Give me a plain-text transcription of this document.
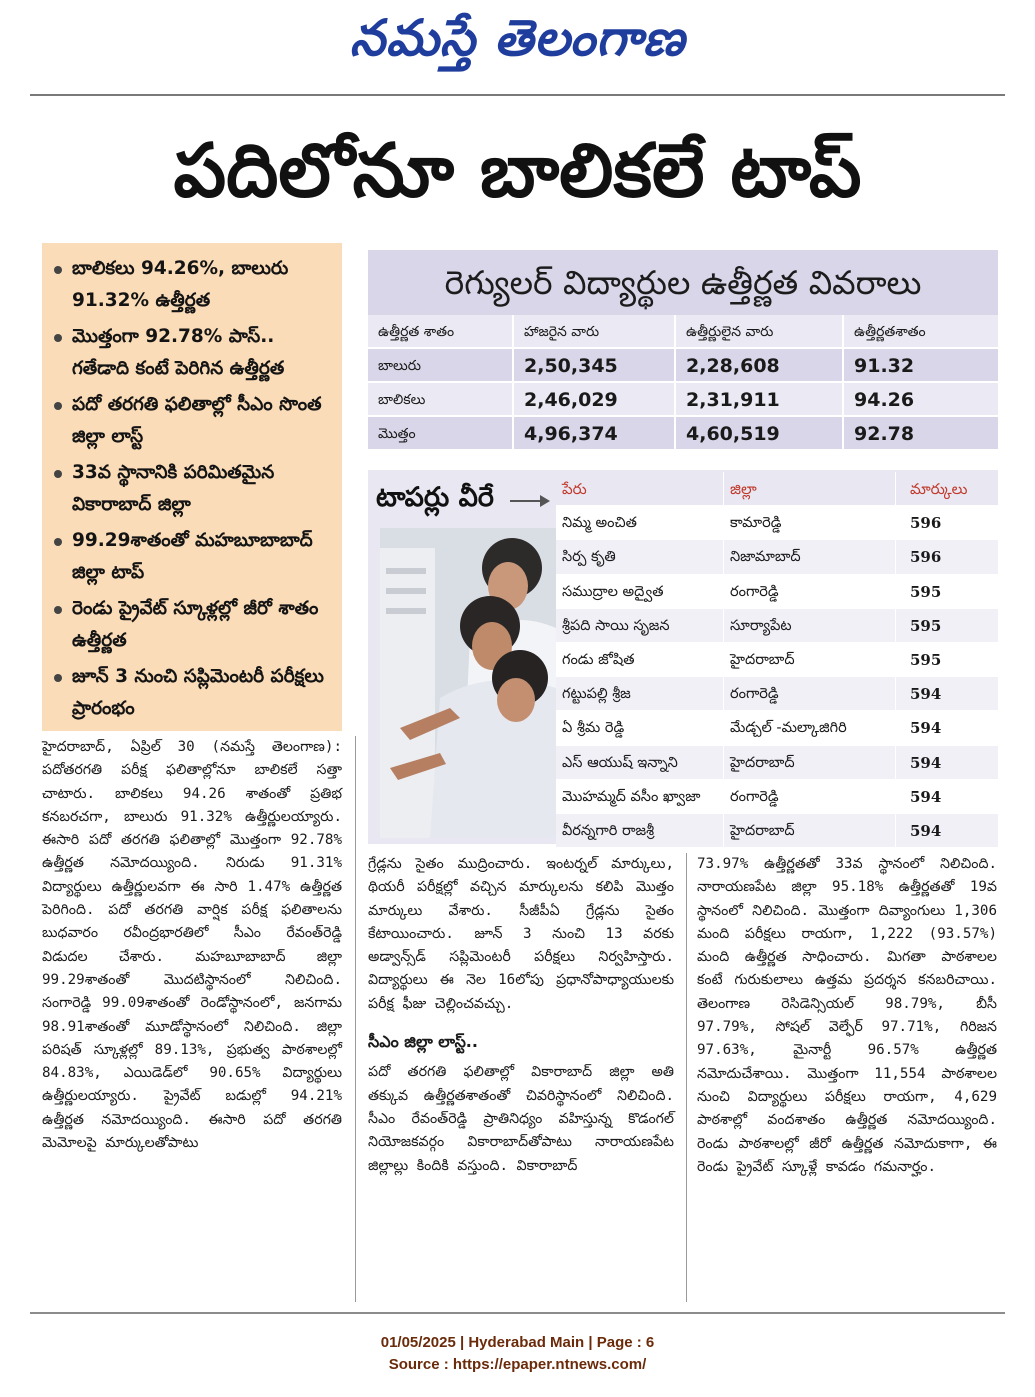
నమస్తే తెలంగాణ
పదిలోనూ బాలికలే టాప్
బాలికలు 94.26%, బాలురు 91.32% ఉత్తీర్ణత
మొత్తంగా 92.78% పాస్.. గతేడాది కంటే పెరిగిన ఉత్తీర్ణత
పదో తరగతి ఫలితాల్లో సీఎం సొంత జిల్లా లాస్ట్
33వ స్థానానికి పరిమితమైన వికారాబాద్ జిల్లా
99.29శాతంతో మహబూబాబాద్ జిల్లా టాప్
రెండు ప్రైవేట్ స్కూళ్లల్లో జీరో శాతం ఉత్తీర్ణత
జూన్ 3 నుంచి సప్లిమెంటరీ పరీక్షలు ప్రారంభం
రెగ్యులర్ విద్యార్థుల ఉత్తీర్ణత వివరాలు
ఉత్తీర్ణత శాతం	హాజరైన వారు	ఉత్తీర్ణులైన వారు	ఉత్తీర్ణతశాతం
బాలురు	2,50,345	2,28,608	91.32
బాలికలు	2,46,029	2,31,911	94.26
మొత్తం	4,96,374	4,60,519	92.78
టాపర్లు వీరే	పేరు	జిల్లా	మార్కులు
నిమ్మ అంచిత	కామారెడ్డి	596
సిర్ప కృతి	నిజామాబాద్	596
సముద్రాల అద్వైత	రంగారెడ్డి	595
శ్రీపది సాయి సృజన	సూర్యాపేట	595
గండు జోషిత	హైదరాబాద్	595
గట్టుపల్లి శ్రీజ	రంగారెడ్డి	594
ఏ శ్రీమ రెడ్డి	మేడ్చల్ -మల్కాజిగిరి	594
ఎస్ ఆయుష్ ఇన్నాని	హైదరాబాద్	594
మొహమ్మద్ వసీం ఖ్వాజా	రంగారెడ్డి	594
వీరన్నగారి రాజశ్రీ	హైదరాబాద్	594

హైదరాబాద్, ఏప్రిల్ 30 (నమస్తే తెలంగాణ): పదోతరగతి పరీక్ష ఫలితాల్లోనూ బాలికలే సత్తా చాటారు. బాలికలు 94.26 శాతంతో ప్రతిభ కనబరచగా, బాలురు 91.32% ఉత్తీర్ణులయ్యారు. ఈసారి పదో తరగతి ఫలితాల్లో మొత్తంగా 92.78% ఉత్తీర్ణత నమోదయ్యింది. నిరుడు 91.31% విద్యార్థులు ఉత్తీర్ణులవగా ఈ సారి 1.47% ఉత్తీర్ణత పెరిగింది. పదో తరగతి వార్షిక పరీక్ష ఫలితాలను బుధవారం రవీంద్రభారతిలో సీఎం రేవంత్‌రెడ్డి విడుదల చేశారు. మహబూబాబాద్ జిల్లా 99.29శాతంతో మొదటిస్థానంలో నిలిచింది. సంగారెడ్డి 99.09శాతంతో రెండోస్థానంలో, జనగామ 98.91శాతంతో మూడోస్థానంలో నిలిచింది. జిల్లా పరిషత్ స్కూళ్లల్లో 89.13%, ప్రభుత్వ పాఠశాలల్లో 84.83%, ఎయిడెడ్‌లో 90.65% విద్యార్థులు ఉత్తీర్ణులయ్యారు. ప్రైవేట్ బడుల్లో 94.21% ఉత్తీర్ణత నమోదయ్యింది. ఈసారి పదో తరగతి మెమోలపై మార్కులతోపాటు

గ్రేడ్లను సైతం ముద్రించారు. ఇంటర్నల్ మార్కులు, థియరీ పరీక్షల్లో వచ్చిన మార్కులను కలిపి మొత్తం మార్కులు వేశారు. సీజీపీఏ గ్రేడ్లను సైతం కేటాయించారు. జూన్ 3 నుంచి 13 వరకు అడ్వాన్స్‌డ్ సప్లిమెంటరీ పరీక్షలు నిర్వహిస్తారు. విద్యార్థులు ఈ నెల 16లోపు ప్రధానోపాధ్యాయులకు పరీక్ష ఫీజు చెల్లించవచ్చు.

సీఎం జిల్లా లాస్ట్..

పదో తరగతి ఫలితాల్లో వికారాబాద్ జిల్లా అతి తక్కువ ఉత్తీర్ణతశాతంతో చివరిస్థానంలో నిలిచింది. సీఎం రేవంత్‌రెడ్డి ప్రాతినిధ్యం వహిస్తున్న కొడంగల్ నియోజకవర్గం వికారాబాద్‌తోపాటు నారాయణపేట జిల్లాల్లు కిందికి వస్తుంది. వికారాబాద్

73.97% ఉత్తీర్ణతతో 33వ స్థానంలో నిలిచింది. నారాయణపేట జిల్లా 95.18% ఉత్తీర్ణతతో 19వ స్థానంలో నిలిచింది. మొత్తంగా దివ్యాంగులు 1,306 మంది పరీక్షలు రాయగా, 1,222 (93.57%) మంది ఉత్తీర్ణత సాధించారు. మిగతా పాఠశాలల కంటే గురుకులాలు ఉత్తమ ప్రదర్శన కనబరిచాయి. తెలంగాణ రెసిడెన్సియల్ 98.79%, బీసీ 97.79%, సోషల్ వెల్ఫేర్ 97.71%, గిరిజన 97.63%, మైనార్టీ 96.57% ఉత్తీర్ణత నమోదుచేశాయి. మొత్తంగా 11,554 పాఠశాలల నుంచి విద్యార్థులు పరీక్షలు రాయగా, 4,629 పాఠశాల్లో వందశాతం ఉత్తీర్ణత నమోదయ్యింది. రెండు పాఠశాలల్లో జీరో ఉత్తీర్ణత నమోదుకాగా, ఈ రెండు ప్రైవేట్ స్కూళ్లే కావడం గమనార్హం.

01/05/2025 | Hyderabad Main | Page : 6
Source : https://epaper.ntnews.com/
